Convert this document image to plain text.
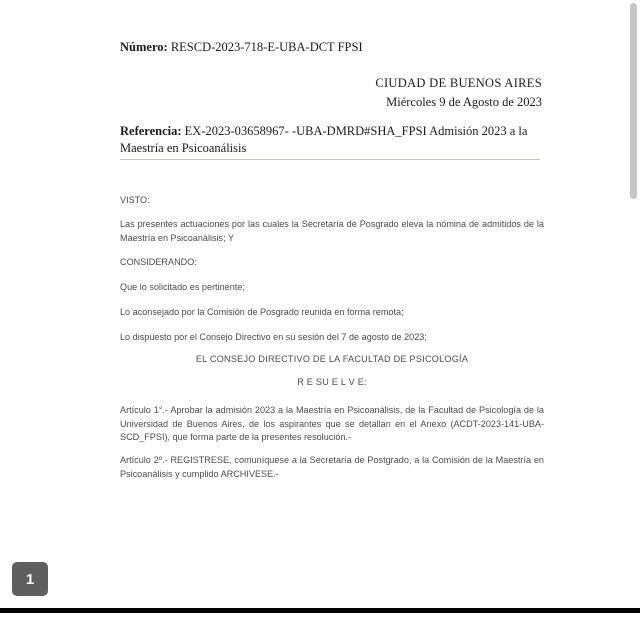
Número: RESCD-2023-718-E-UBA-DCT FPSI
CIUDAD DE BUENOS AIRES
Miércoles 9 de Agosto de 2023
Referencia: EX-2023-03658967- -UBA-DMRD#SHA_FPSI Admisión 2023 a la Maestría en Psicoanálisis
VISTO:
Las presentes actuaciones por las cuales la Secretaría de Posgrado eleva la nómina de admitidos de la Maestría en Psicoanálisis; Y
CONSIDERANDO:
Que lo solicitado es pertinente;
Lo aconsejado por la Comisión de Posgrado reunida en forma remota;
Lo dispuesto por el Consejo Directivo en su sesión del 7 de agosto de 2023;
EL CONSEJO DIRECTIVO DE LA FACULTAD DE PSICOLOGÍA
R E SU E L V E:
Artículo 1°.- Aprobar la admisión 2023 a la Maestría en Psicoanálisis, de la Facultad de Psicología de la Universidad de Buenos Aires, de los aspirantes que se detallan en el Anexo (ACDT-2023-141-UBA-SCD_FPSI), que forma parte de la presentes resolución.-
Artículo 2º.- REGISTRESE, comuníquese a la Secretaría de Postgrado, a la Comisión de la Maestría en Psicoanálisis y cumplido ARCHIVESE.-
1
